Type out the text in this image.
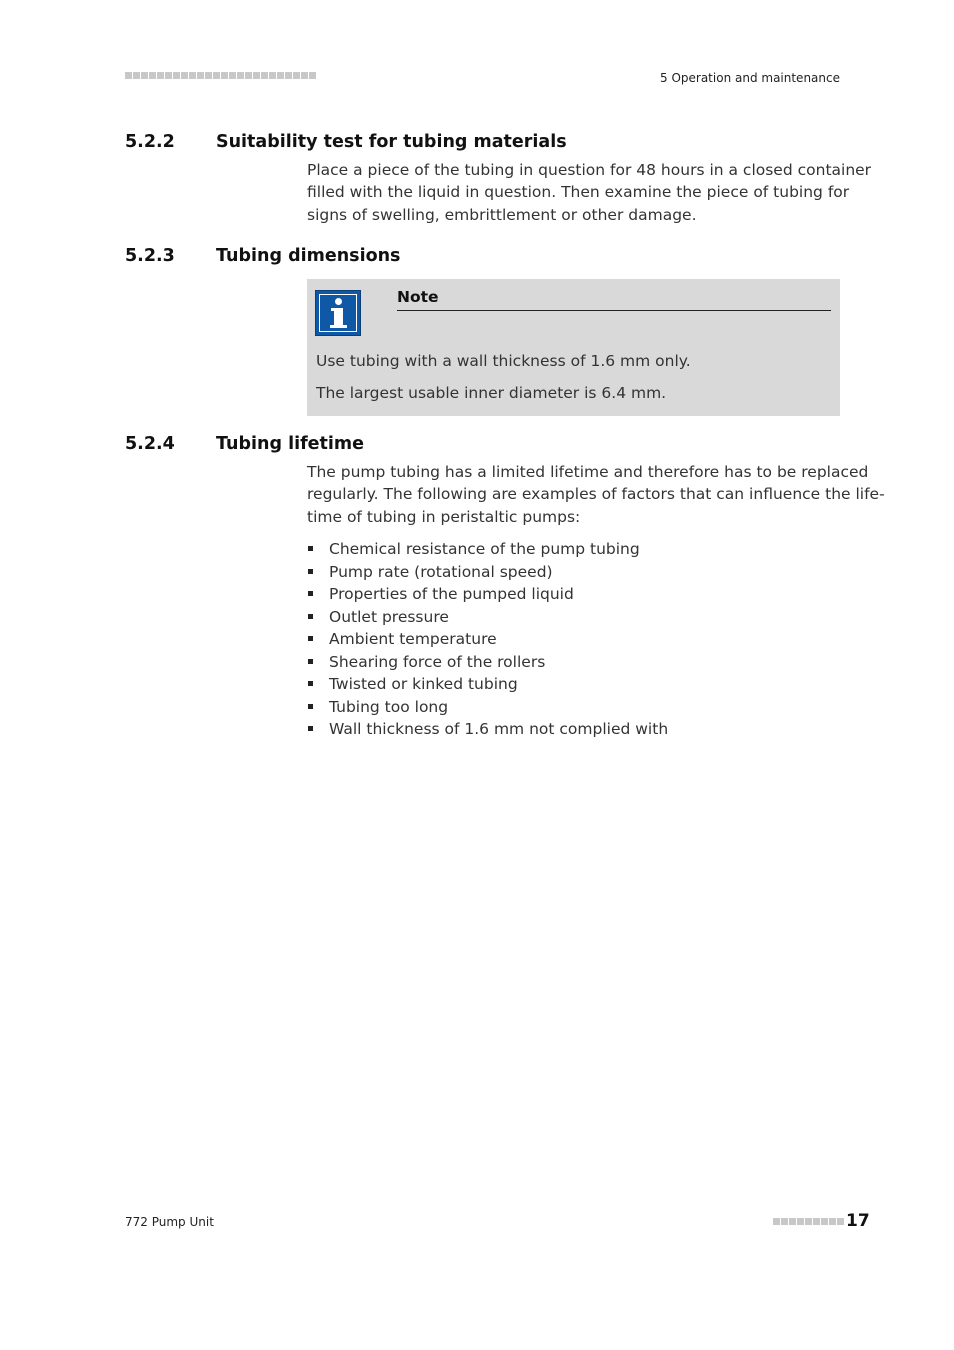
5 Operation and maintenance
5.2.2 Suitability test for tubing materials

Place a piece of the tubing in question for 48 hours in a closed container
filled with the liquid in question. Then examine the piece of tubing for
signs of swelling, embrittlement or other damage.

5.2.3 Tubing dimensions
Note
Use tubing with a wall thickness of 1.6 mm only.
The largest usable inner diameter is 6.4 mm.
5.2.4 Tubing lifetime

The pump tubing has a limited lifetime and therefore has to be replaced
regularly. The following are examples of factors that can influence the life-
time of tubing in peristaltic pumps:

Chemical resistance of the pump tubing
Pump rate (rotational speed)
Properties of the pumped liquid
Outlet pressure
Ambient temperature
Shearing force of the rollers
Twisted or kinked tubing
Tubing too long
Wall thickness of 1.6 mm not complied with
772 Pump Unit	17
